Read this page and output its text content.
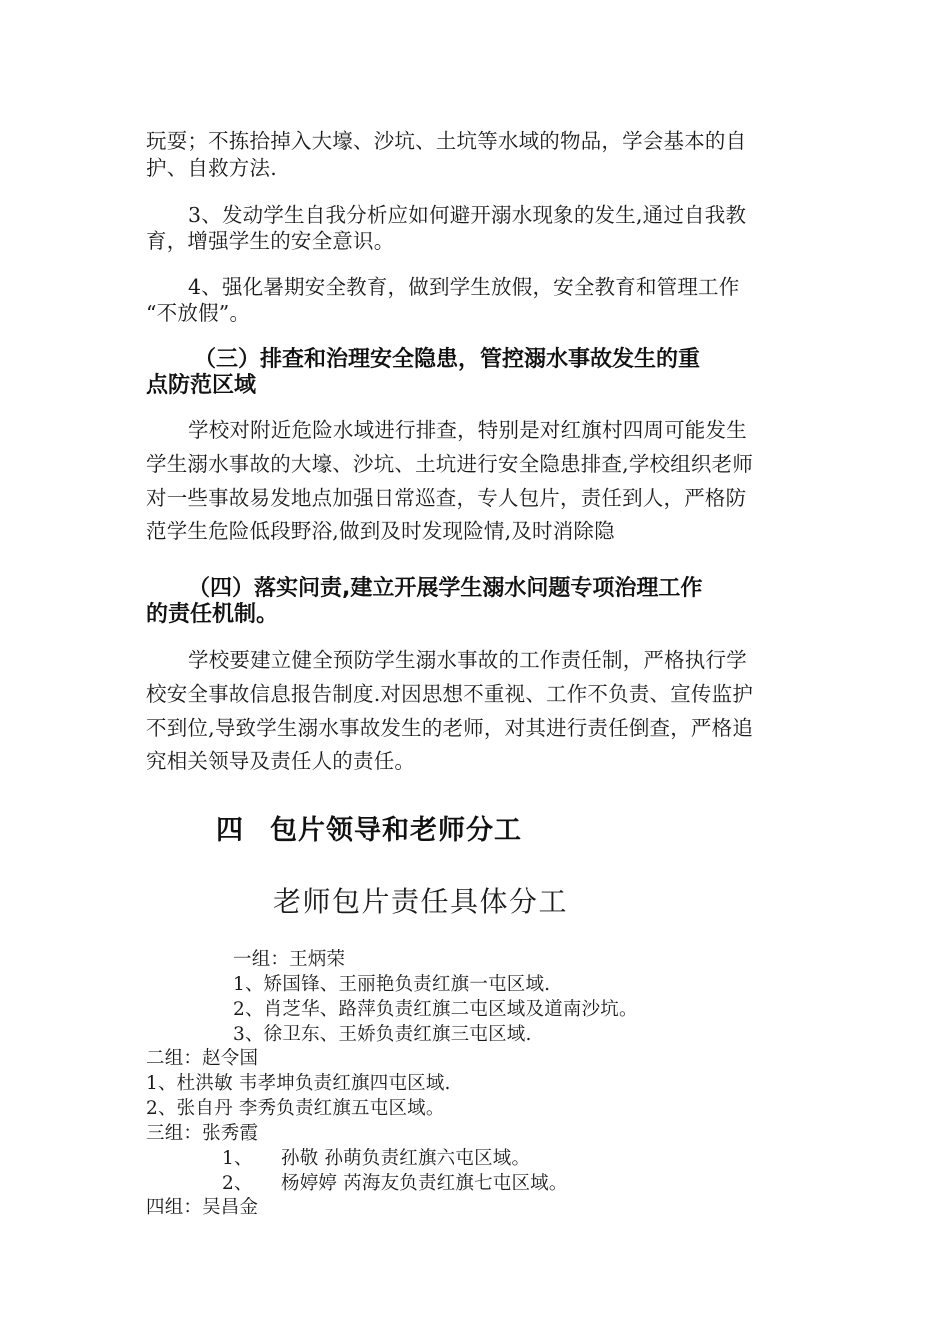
玩耍；不拣拾掉入大壕、沙坑、土坑等水域的物品，学会基本的自
护、自救方法.
3、发动学生自我分析应如何避开溺水现象的发生,通过自我教
育，增强学生的安全意识。
4、强化暑期安全教育，做到学生放假，安全教育和管理工作
“不放假”。
（三）排查和治理安全隐患，管控溺水事故发生的重
点防范区域
学校对附近危险水域进行排查，特别是对红旗村四周可能发生
学生溺水事故的大壕、沙坑、土坑进行安全隐患排查,学校组织老师
对一些事故易发地点加强日常巡查，专人包片，责任到人，严格防
范学生危险低段野浴,做到及时发现险情,及时消除隐
（四）落实问责,建立开展学生溺水问题专项治理工作
的责任机制。
学校要建立健全预防学生溺水事故的工作责任制，严格执行学
校安全事故信息报告制度.对因思想不重视、工作不负责、宣传监护
不到位,导致学生溺水事故发生的老师，对其进行责任倒查，严格追
究相关领导及责任人的责任。
四 包片领导和老师分工
老师包片责任具体分工
一组：王炳荣
1、矫国锋、王丽艳负责红旗一屯区域.
2、肖芝华、路萍负责红旗二屯区域及道南沙坑。
3、徐卫东、王娇负责红旗三屯区域.
二组：赵令国
1、杜洪敏 韦孝坤负责红旗四屯区域.
2、张自丹 李秀负责红旗五屯区域。
三组：张秀霞
1、 孙敬 孙萌负责红旗六屯区域。
2、 杨婷婷 芮海友负责红旗七屯区域。
四组：吴昌金
